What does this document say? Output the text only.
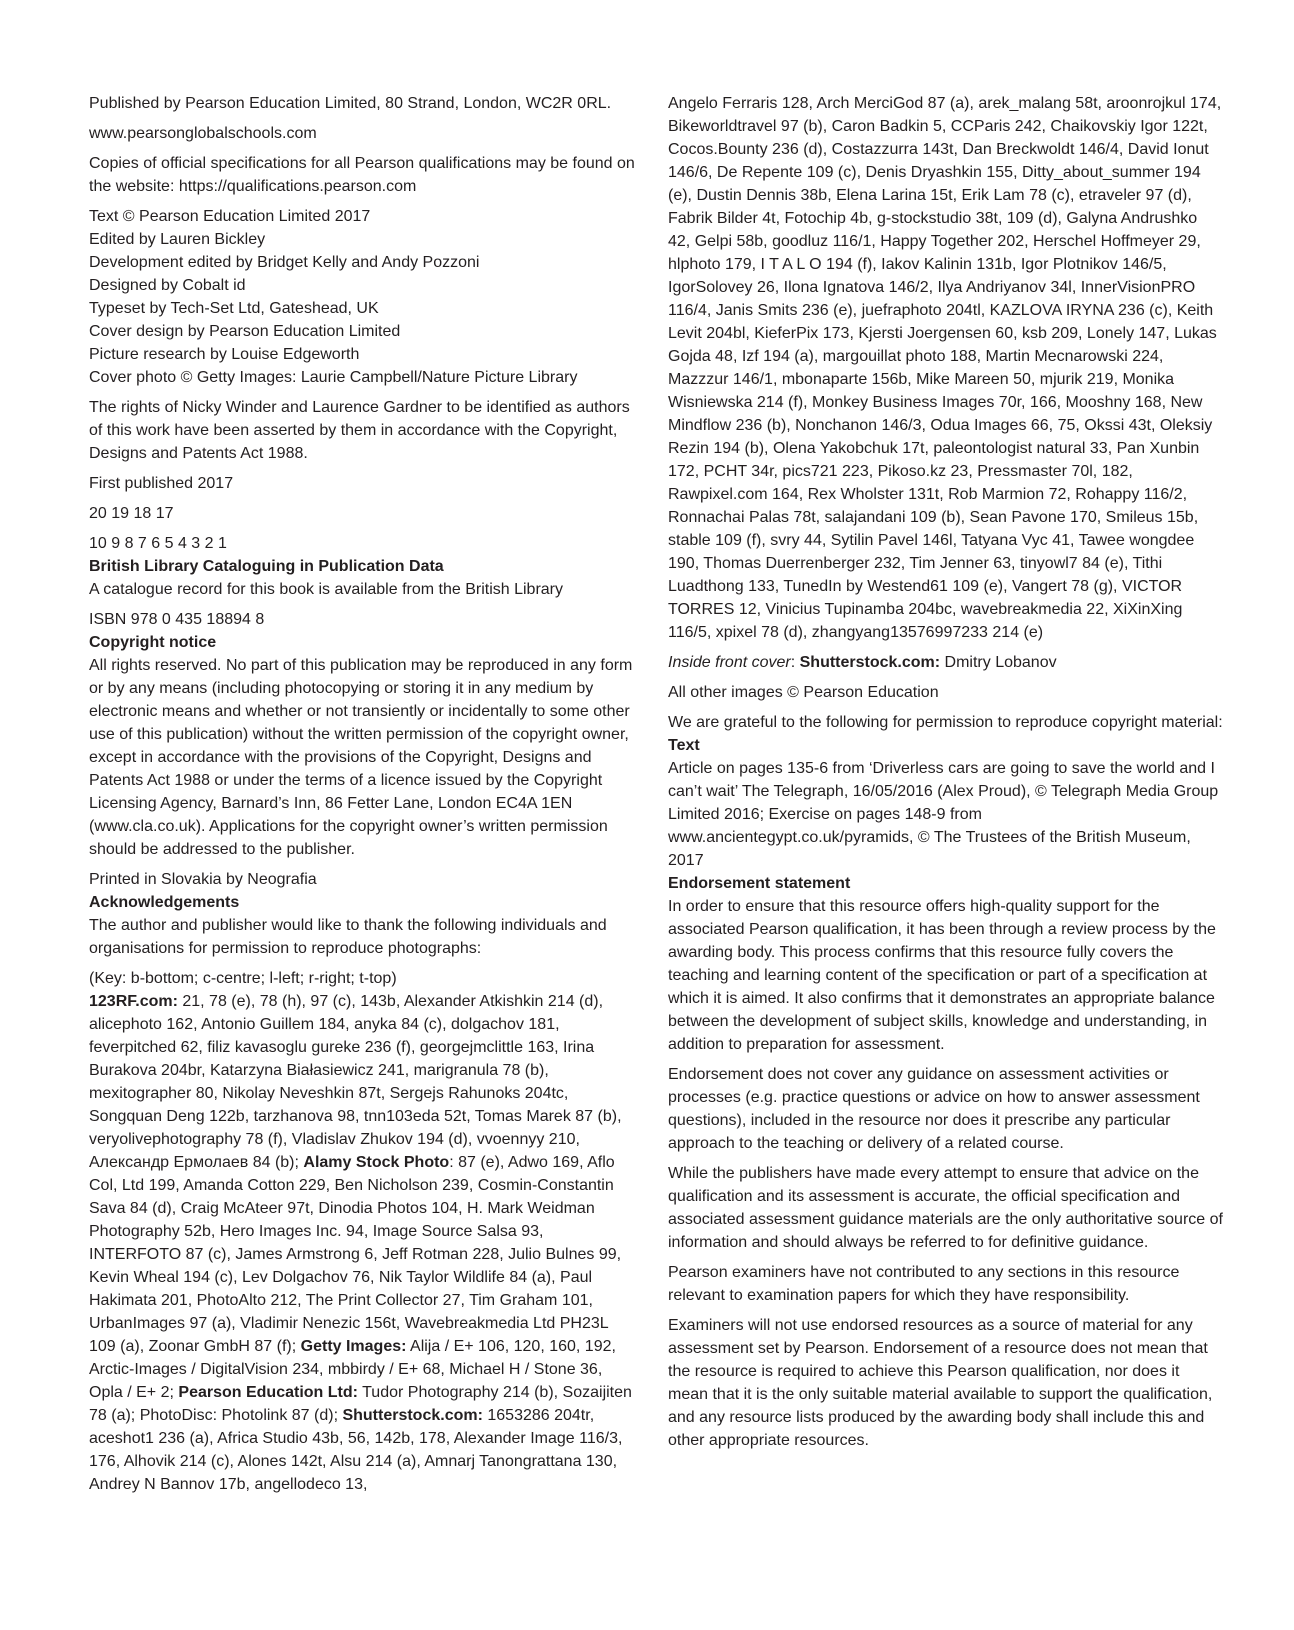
Published by Pearson Education Limited, 80 Strand, London, WC2R 0RL.

www.pearsonglobalschools.com

Copies of official specifications for all Pearson qualifications may be found on the website: https://qualifications.pearson.com

Text © Pearson Education Limited 2017
Edited by Lauren Bickley
Development edited by Bridget Kelly and Andy Pozzoni
Designed by Cobalt id
Typeset by Tech-Set Ltd, Gateshead, UK
Cover design by Pearson Education Limited
Picture research by Louise Edgeworth
Cover photo © Getty Images: Laurie Campbell/Nature Picture Library

The rights of Nicky Winder and Laurence Gardner to be identified as authors of this work have been asserted by them in accordance with the Copyright, Designs and Patents Act 1988.

First published 2017

20 19 18 17

10 9 8 7 6 5 4 3 2 1

British Library Cataloguing in Publication Data

A catalogue record for this book is available from the British Library

ISBN 978 0 435 18894 8

Copyright notice

All rights reserved. No part of this publication may be reproduced in any form or by any means (including photocopying or storing it in any medium by electronic means and whether or not transiently or incidentally to some other use of this publication) without the written permission of the copyright owner, except in accordance with the provisions of the Copyright, Designs and Patents Act 1988 or under the terms of a licence issued by the Copyright Licensing Agency, Barnard’s Inn, 86 Fetter Lane, London EC4A 1EN (www.cla.co.uk). Applications for the copyright owner’s written permission should be addressed to the publisher.

Printed in Slovakia by Neografia

Acknowledgements

The author and publisher would like to thank the following individuals and organisations for permission to reproduce photographs:

(Key: b-bottom; c-centre; l-left; r-right; t-top)
123RF.com: 21, 78 (e), 78 (h), 97 (c), 143b, Alexander Atkishkin 214 (d), alicephoto 162, Antonio Guillem 184, anyka 84 (c), dolgachov 181, feverpitched 62, filiz kavasoglu gureke 236 (f), georgejmclittle 163, Irina Burakova 204br, Katarzyna Białasiewicz 241, marigranula 78 (b), mexitographer 80, Nikolay Neveshkin 87t, Sergejs Rahunoks 204tc, Songquan Deng 122b, tarzhanova 98, tnn103eda 52t, Tomas Marek 87 (b), veryolivephotography 78 (f), Vladislav Zhukov 194 (d), vvoennyy 210, Александр Ермолаев 84 (b); Alamy Stock Photo: 87 (e), Adwo 169, Aflo Col, Ltd 199, Amanda Cotton 229, Ben Nicholson 239, Cosmin-Constantin Sava 84 (d), Craig McAteer 97t, Dinodia Photos 104, H. Mark Weidman Photography 52b, Hero Images Inc. 94, Image Source Salsa 93, INTERFOTO 87 (c), James Armstrong 6, Jeff Rotman 228, Julio Bulnes 99, Kevin Wheal 194 (c), Lev Dolgachov 76, Nik Taylor Wildlife 84 (a), Paul Hakimata 201, PhotoAlto 212, The Print Collector 27, Tim Graham 101, UrbanImages 97 (a), Vladimir Nenezic 156t, Wavebreakmedia Ltd PH23L 109 (a), Zoonar GmbH 87 (f); Getty Images: Alija / E+ 106, 120, 160, 192, Arctic-Images / DigitalVision 234, mbbirdy / E+ 68, Michael H / Stone 36, Opla / E+ 2; Pearson Education Ltd: Tudor Photography 214 (b), Sozaijiten 78 (a); PhotoDisc: Photolink 87 (d); Shutterstock.com: 1653286 204tr, aceshot1 236 (a), Africa Studio 43b, 56, 142b, 178, Alexander Image 116/3, 176, Alhovik 214 (c), Alones 142t, Alsu 214 (a), Amnarj Tanongrattana 130, Andrey N Bannov 17b, angellodeco 13,

Angelo Ferraris 128, Arch MerciGod 87 (a), arek_malang 58t, aroonrojkul 174, Bikeworldtravel 97 (b), Caron Badkin 5, CCParis 242, Chaikovskiy Igor 122t, Cocos.Bounty 236 (d), Costazzurra 143t, Dan Breckwoldt 146/4, David Ionut 146/6, De Repente 109 (c), Denis Dryashkin 155, Ditty_about_summer 194 (e), Dustin Dennis 38b, Elena Larina 15t, Erik Lam 78 (c), etraveler 97 (d), Fabrik Bilder 4t, Fotochip 4b, g-stockstudio 38t, 109 (d), Galyna Andrushko 42, Gelpi 58b, goodluz 116/1, Happy Together 202, Herschel Hoffmeyer 29, hlphoto 179, I T A L O 194 (f), Iakov Kalinin 131b, Igor Plotnikov 146/5, IgorSolovey 26, Ilona Ignatova 146/2, Ilya Andriyanov 34l, InnerVisionPRO 116/4, Janis Smits 236 (e), juefraphoto 204tl, KAZLOVA IRYNA 236 (c), Keith Levit 204bl, KieferPix 173, Kjersti Joergensen 60, ksb 209, Lonely 147, Lukas Gojda 48, Izf 194 (a), margouillat photo 188, Martin Mecnarowski 224, Mazzzur 146/1, mbonaparte 156b, Mike Mareen 50, mjurik 219, Monika Wisniewska 214 (f), Monkey Business Images 70r, 166, Mooshny 168, New Mindflow 236 (b), Nonchanon 146/3, Odua Images 66, 75, Okssi 43t, Oleksiy Rezin 194 (b), Olena Yakobchuk 17t, paleontologist natural 33, Pan Xunbin 172, PCHT 34r, pics721 223, Pikoso.kz 23, Pressmaster 70l, 182, Rawpixel.com 164, Rex Wholster 131t, Rob Marmion 72, Rohappy 116/2, Ronnachai Palas 78t, salajandani 109 (b), Sean Pavone 170, Smileus 15b, stable 109 (f), svry 44, Sytilin Pavel 146l, Tatyana Vyc 41, Tawee wongdee 190, Thomas Duerrenberger 232, Tim Jenner 63, tinyowl7 84 (e), Tithi Luadthong 133, TunedIn by Westend61 109 (e), Vangert 78 (g), VICTOR TORRES 12, Vinicius Tupinamba 204bc, wavebreakmedia 22, XiXinXing 116/5, xpixel 78 (d), zhangyang13576997233 214 (e)

Inside front cover: Shutterstock.com: Dmitry Lobanov

All other images © Pearson Education

We are grateful to the following for permission to reproduce copyright material:

Text

Article on pages 135-6 from ‘Driverless cars are going to save the world and I can’t wait’ The Telegraph, 16/05/2016 (Alex Proud), © Telegraph Media Group Limited 2016; Exercise on pages 148-9 from www.ancientegypt.co.uk/pyramids, © The Trustees of the British Museum, 2017

Endorsement statement

In order to ensure that this resource offers high-quality support for the associated Pearson qualification, it has been through a review process by the awarding body. This process confirms that this resource fully covers the teaching and learning content of the specification or part of a specification at which it is aimed. It also confirms that it demonstrates an appropriate balance between the development of subject skills, knowledge and understanding, in addition to preparation for assessment.

Endorsement does not cover any guidance on assessment activities or processes (e.g. practice questions or advice on how to answer assessment questions), included in the resource nor does it prescribe any particular approach to the teaching or delivery of a related course.

While the publishers have made every attempt to ensure that advice on the qualification and its assessment is accurate, the official specification and associated assessment guidance materials are the only authoritative source of information and should always be referred to for definitive guidance.

Pearson examiners have not contributed to any sections in this resource relevant to examination papers for which they have responsibility.

Examiners will not use endorsed resources as a source of material for any assessment set by Pearson. Endorsement of a resource does not mean that the resource is required to achieve this Pearson qualification, nor does it mean that it is the only suitable material available to support the qualification, and any resource lists produced by the awarding body shall include this and other appropriate resources.
